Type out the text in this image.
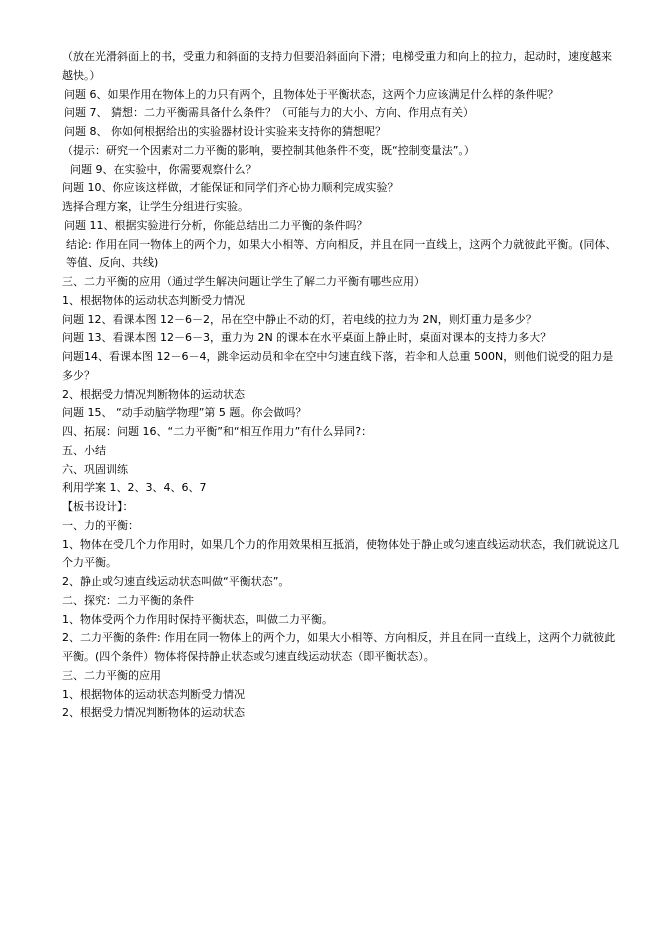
（放在光滑斜面上的书，受重力和斜面的支持力但要沿斜面向下滑；电梯受重力和向上的拉力，起动时，速度越来越快。）

问题 6、如果作用在物体上的力只有两个，且物体处于平衡状态，这两个力应该满足什么样的条件呢？

问题 7、 猜想：二力平衡需具备什么条件？（可能与力的大小、方向、作用点有关）

问题 8、 你如何根据给出的实验器材设计实验来支持你的猜想呢？

（提示：研究一个因素对二力平衡的影响，要控制其他条件不变，既“控制变量法”。）

问题 9、在实验中，你需要观察什么？

问题 10、你应该这样做，才能保证和同学们齐心协力顺利完成实验？

选择合理方案，让学生分组进行实验。

问题 11、根据实验进行分析，你能总结出二力平衡的条件吗？

结论: 作用在同一物体上的两个力，如果大小相等、方向相反，并且在同一直线上，这两个力就彼此平衡。(同体、等值、反向、共线)

三、二力平衡的应用（通过学生解决问题让学生了解二力平衡有哪些应用）

1、根据物体的运动状态判断受力情况

问题 12、看课本图 12－6－2，吊在空中静止不动的灯，若电线的拉力为 2N，则灯重力是多少？

问题 13、看课本图 12－6－3，重力为 2N 的课本在水平桌面上静止时，桌面对课本的支持力多大？

问题14、看课本图 12－6－4，跳伞运动员和伞在空中匀速直线下落，若伞和人总重 500N，则他们说受的阻力是多少？

2、根据受力情况判断物体的运动状态

问题 15、 “动手动脑学物理”第 5 题。你会做吗？

四、拓展：问题 16、“二力平衡”和“相互作用力”有什么异同?：

五、小结

六、巩固训练

利用学案 1、2、3、4、6、7

【板书设计】：

一、力的平衡：

1、物体在受几个力作用时，如果几个力的作用效果相互抵消，使物体处于静止或匀速直线运动状态，我们就说这几个力平衡。

2、静止或匀速直线运动状态叫做“平衡状态”。

二、探究：二力平衡的条件

1、物体受两个力作用时保持平衡状态，叫做二力平衡。

2、二力平衡的条件: 作用在同一物体上的两个力，如果大小相等、方向相反，并且在同一直线上，这两个力就彼此平衡。(四个条件）物体将保持静止状态或匀速直线运动状态（即平衡状态）。

三、二力平衡的应用

1、根据物体的运动状态判断受力情况

2、根据受力情况判断物体的运动状态
